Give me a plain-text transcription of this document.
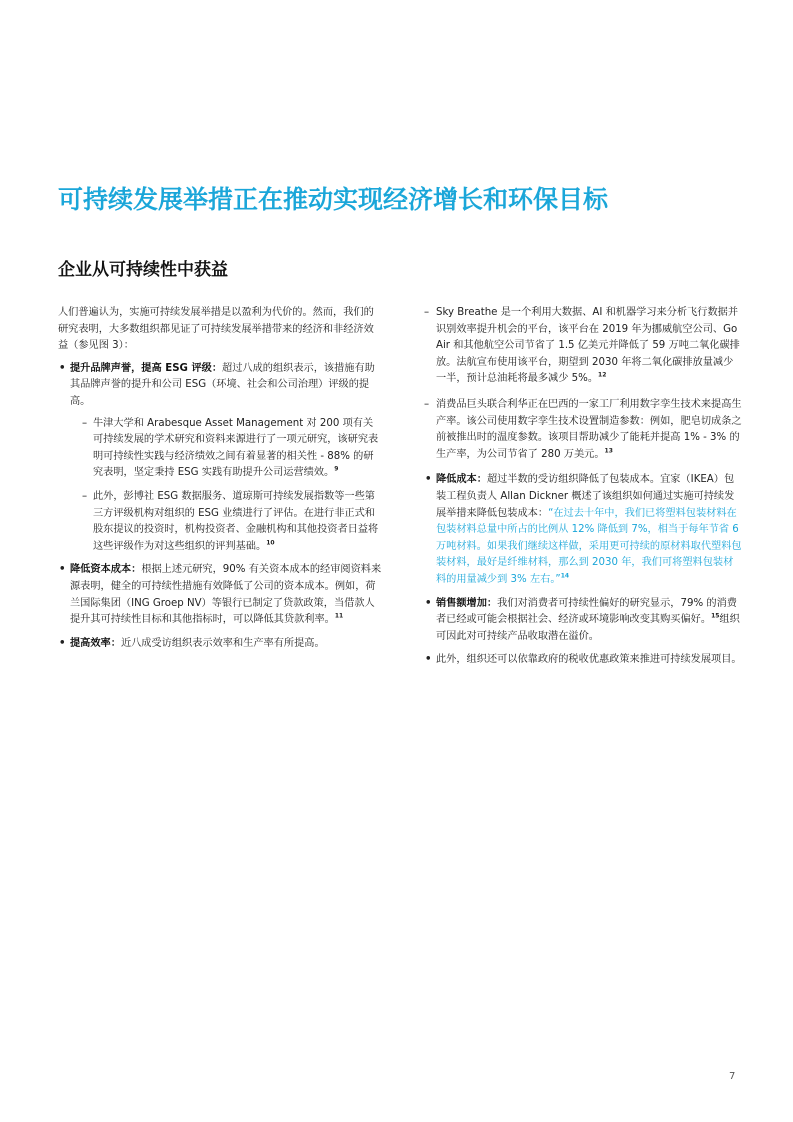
可持续发展举措正在推动实现经济增长和环保目标
企业从可持续性中获益

人们普遍认为，实施可持续发展举措是以盈利为代价的。然而，我们的研究表明，大多数组织都见证了可持续发展举措带来的经济和非经济效益（参见图 3）：

• 提升品牌声誉，提高 ESG 评级：超过八成的组织表示，该措施有助其品牌声誉的提升和公司 ESG（环境、社会和公司治理）评级的提高。
– 牛津大学和 Arabesque Asset Management 对 200 项有关可持续发展的学术研究和资料来源进行了一项元研究，该研究表明可持续性实践与经济绩效之间有着显著的相关性 - 88% 的研究表明，坚定秉持 ESG 实践有助提升公司运营绩效。$^9$
– 此外，彭博社 ESG 数据服务、道琼斯可持续发展指数等一些第三方评级机构对组织的 ESG 业绩进行了评估。在进行非正式和股东提议的投资时，机构投资者、金融机构和其他投资者日益将这些评级作为对这些组织的评判基础。$^{10}$
• 降低资本成本：根据上述元研究，90% 有关资本成本的经审阅资料来源表明，健全的可持续性措施有效降低了公司的资本成本。例如，荷兰国际集团（ING Groep NV）等银行已制定了贷款政策，当借款人提升其可持续性目标和其他指标时，可以降低其贷款利率。$^{11}$
• 提高效率：近八成受访组织表示效率和生产率有所提高。
– Sky Breathe 是一个利用大数据、AI 和机器学习来分析飞行数据并识别效率提升机会的平台，该平台在 2019 年为挪威航空公司、Go Air 和其他航空公司节省了 1.5 亿美元并降低了 59 万吨二氧化碳排放。法航宣布使用该平台，期望到 2030 年将二氧化碳排放量减少一半，预计总油耗将最多减少 5%。$^{12}$
– 消费品巨头联合利华正在巴西的一家工厂利用数字孪生技术来提高生产率。该公司使用数字孪生技术设置制造参数：例如，肥皂切成条之前被推出时的温度参数。该项目帮助减少了能耗并提高 1% - 3% 的生产率，为公司节省了 280 万美元。$^{13}$
• 降低成本：超过半数的受访组织降低了包装成本。宜家（IKEA）包装工程负责人 Allan Dickner 概述了该组织如何通过实施可持续发展举措来降低包装成本：“在过去十年中，我们已将塑料包装材料在包装材料总量中所占的比例从 12% 降低到 7%，相当于每年节省 6 万吨材料。如果我们继续这样做，采用更可持续的原材料取代塑料包装材料，最好是纤维材料，那么到 2030 年，我们可将塑料包装材料的用量减少到 3% 左右。”$^{14}$
• 销售额增加：我们对消费者可持续性偏好的研究显示，79% 的消费者已经或可能会根据社会、经济或环境影响改变其购买偏好。$^{15}$组织可因此对可持续产品收取潜在溢价。
• 此外，组织还可以依靠政府的税收优惠政策来推进可持续发展项目。
7
